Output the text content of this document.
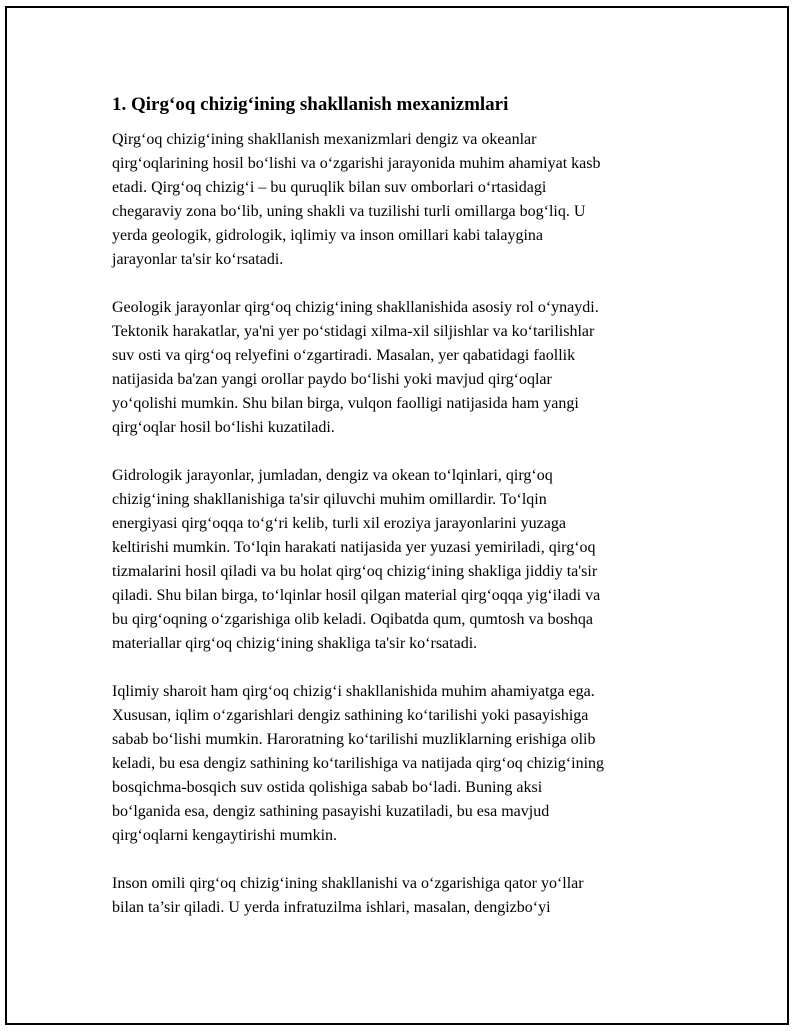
1. Qirg‘oq chizig‘ining shakllanish mexanizmlari

Qirg‘oq chizig‘ining shakllanish mexanizmlari dengiz va okeanlar
qirg‘oqlarining hosil bo‘lishi va o‘zgarishi jarayonida muhim ahamiyat kasb
etadi. Qirg‘oq chizig‘i – bu quruqlik bilan suv omborlari o‘rtasidagi
chegaraviy zona bo‘lib, uning shakli va tuzilishi turli omillarga bog‘liq. U
yerda geologik, gidrologik, iqlimiy va inson omillari kabi talaygina
jarayonlar ta'sir ko‘rsatadi.

Geologik jarayonlar qirg‘oq chizig‘ining shakllanishida asosiy rol o‘ynaydi.
Tektonik harakatlar, ya'ni yer po‘stidagi xilma-xil siljishlar va ko‘tarilishlar
suv osti va qirg‘oq relyefini o‘zgartiradi. Masalan, yer qabatidagi faollik
natijasida ba'zan yangi orollar paydo bo‘lishi yoki mavjud qirg‘oqlar
yo‘qolishi mumkin. Shu bilan birga, vulqon faolligi natijasida ham yangi
qirg‘oqlar hosil bo‘lishi kuzatiladi.

Gidrologik jarayonlar, jumladan, dengiz va okean to‘lqinlari, qirg‘oq
chizig‘ining shakllanishiga ta'sir qiluvchi muhim omillardir. To‘lqin
energiyasi qirg‘oqqa to‘g‘ri kelib, turli xil eroziya jarayonlarini yuzaga
keltirishi mumkin. To‘lqin harakati natijasida yer yuzasi yemiriladi, qirg‘oq
tizmalarini hosil qiladi va bu holat qirg‘oq chizig‘ining shakliga jiddiy ta'sir
qiladi. Shu bilan birga, to‘lqinlar hosil qilgan material qirg‘oqqa yig‘iladi va
bu qirg‘oqning o‘zgarishiga olib keladi. Oqibatda qum, qumtosh va boshqa
materiallar qirg‘oq chizig‘ining shakliga ta'sir ko‘rsatadi.

Iqlimiy sharoit ham qirg‘oq chizig‘i shakllanishida muhim ahamiyatga ega.
Xususan, iqlim o‘zgarishlari dengiz sathining ko‘tarilishi yoki pasayishiga
sabab bo‘lishi mumkin. Haroratning ko‘tarilishi muzliklarning erishiga olib
keladi, bu esa dengiz sathining ko‘tarilishiga va natijada qirg‘oq chizig‘ining
bosqichma-bosqich suv ostida qolishiga sabab bo‘ladi. Buning aksi
bo‘lganida esa, dengiz sathining pasayishi kuzatiladi, bu esa mavjud
qirg‘oqlarni kengaytirishi mumkin.

Inson omili qirg‘oq chizig‘ining shakllanishi va o‘zgarishiga qator yo‘llar
bilan ta’sir qiladi. U yerda infratuzilma ishlari, masalan, dengizbo‘yi
